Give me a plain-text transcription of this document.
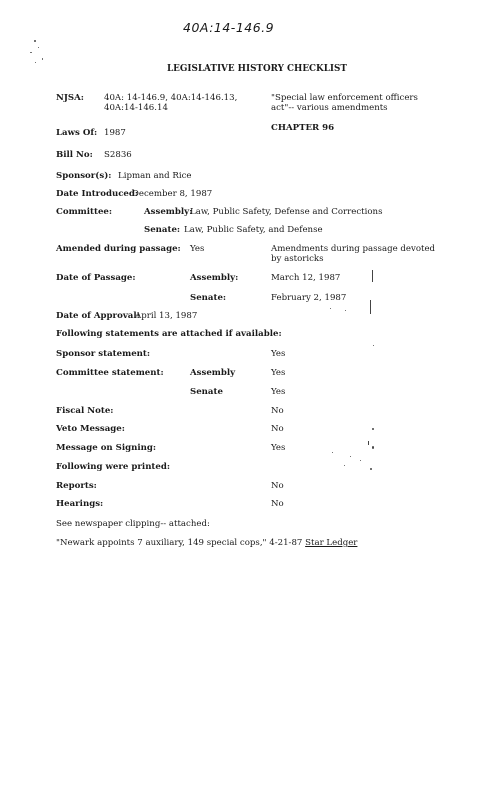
40A:14-146.9
LEGISLATIVE HISTORY CHECKLIST
NJSA: 40A: 14-146.9, 40A:14-146.13,
40A:14-146.14
"Special law enforcement officers
act"-- various amendments
CHAPTER 96
Laws Of: 1987
Bill No: S2836
Sponsor(s): Lipman and Rice
Date Introduced:
December 8, 1987
Committee:	Assembly:
Law, Public Safety, Defense and Corrections
Senate: Law, Public Safety, and Defense
Amended during passage: Yes	Amendments during passage devoted
by astoricks
Date of Passage:	Assembly:	March 12, 1987
Senate:	February 2, 1987
Date of Approval:
April 13, 1987
Following statements are attached if available:
Sponsor statement:	Yes
Committee statement:	Assembly	Yes
Senate	Yes
Fiscal Note:	No
Veto Message:	No
Message on Signing:	Yes
Following were printed:
Reports:	No
Hearings:	No
See newspaper clipping-- attached:
"Newark appoints 7 auxiliary, 149 special cops," 4-21-87 Star Ledger
